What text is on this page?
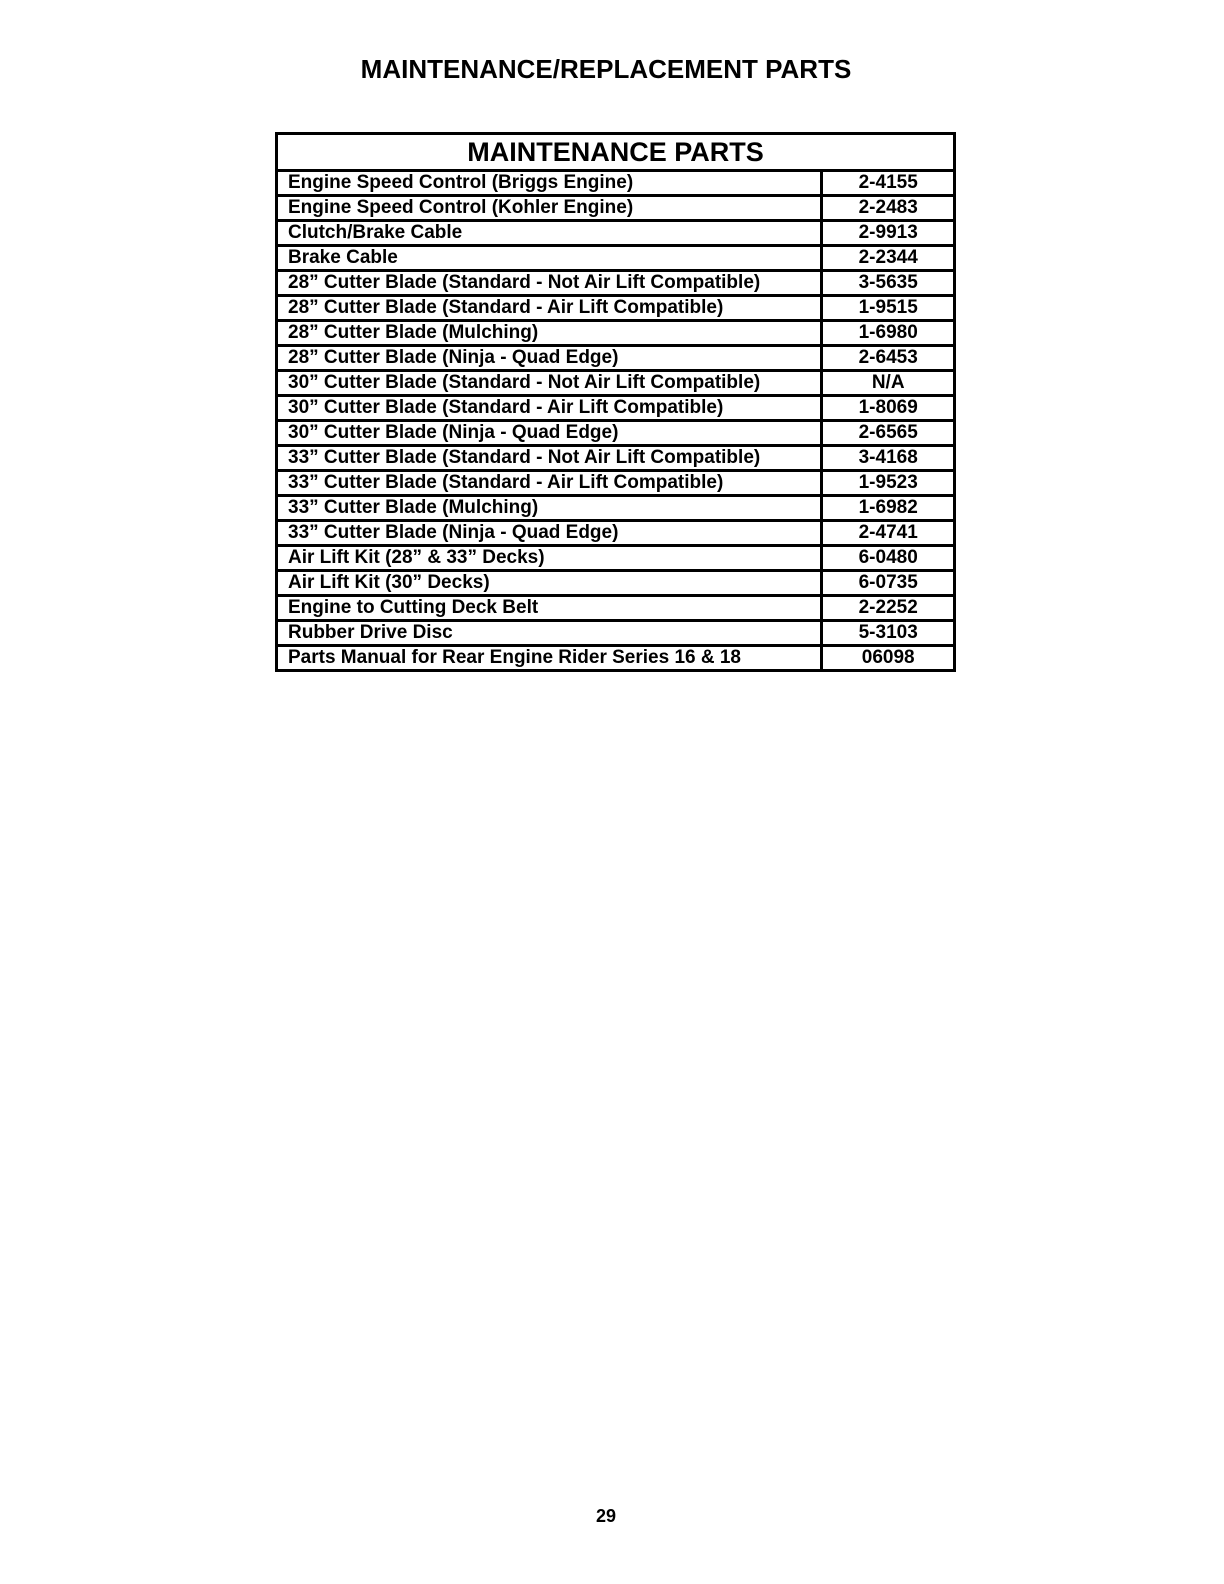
MAINTENANCE/REPLACEMENT PARTS
MAINTENANCE PARTS	
Engine Speed Control (Briggs Engine)	2-4155
Engine Speed Control (Kohler Engine)	2-2483
Clutch/Brake Cable	2-9913
Brake Cable	2-2344
28” Cutter Blade (Standard - Not Air Lift Compatible)	3-5635
28” Cutter Blade (Standard - Air Lift Compatible)	1-9515
28” Cutter Blade (Mulching)	1-6980
28” Cutter Blade (Ninja - Quad Edge)	2-6453
30” Cutter Blade (Standard - Not Air Lift Compatible)	N/A
30” Cutter Blade (Standard - Air Lift Compatible)	1-8069
30” Cutter Blade (Ninja - Quad Edge)	2-6565
33” Cutter Blade (Standard - Not Air Lift Compatible)	3-4168
33” Cutter Blade (Standard - Air Lift Compatible)	1-9523
33” Cutter Blade (Mulching)	1-6982
33” Cutter Blade (Ninja - Quad Edge)	2-4741
Air Lift Kit (28” & 33” Decks)	6-0480
Air Lift Kit (30” Decks)	6-0735
Engine to Cutting Deck Belt	2-2252
Rubber Drive Disc	5-3103
Parts Manual for Rear Engine Rider Series 16 & 18	06098
29
